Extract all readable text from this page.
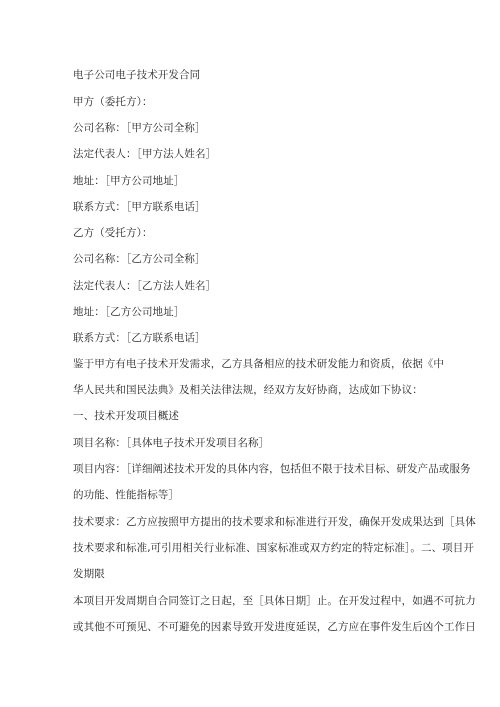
电子公司电子技术开发合同
甲方（委托方）：
公司名称：［甲方公司全称］
法定代表人：［甲方法人姓名］
地址：［甲方公司地址］
联系方式：［甲方联系电话］
乙方（受托方）：
公司名称：［乙方公司全称］
法定代表人：［乙方法人姓名］
地址：［乙方公司地址］
联系方式：［乙方联系电话］
鉴于甲方有电子技术开发需求，乙方具备相应的技术研发能力和资质，依据《中
华人民共和国民法典》及相关法律法规，经双方友好协商，达成如下协议：
一、技术开发项目概述
项目名称：［具体电子技术开发项目名称］
项目内容：［详细阐述技术开发的具体内容，包括但不限于技术目标、研发产品或服务
的功能、性能指标等］
技术要求：乙方应按照甲方提出的技术要求和标准进行开发，确保开发成果达到［具体
技术要求和标准,可引用相关行业标准、国家标准或双方约定的特定标准］。二、项目开
发期限
本项目开发周期自合同签订之日起，至［具体日期］止。在开发过程中，如遇不可抗力
或其他不可预见、不可避免的因素导致开发进度延误，乙方应在事件发生后凶个工作日
